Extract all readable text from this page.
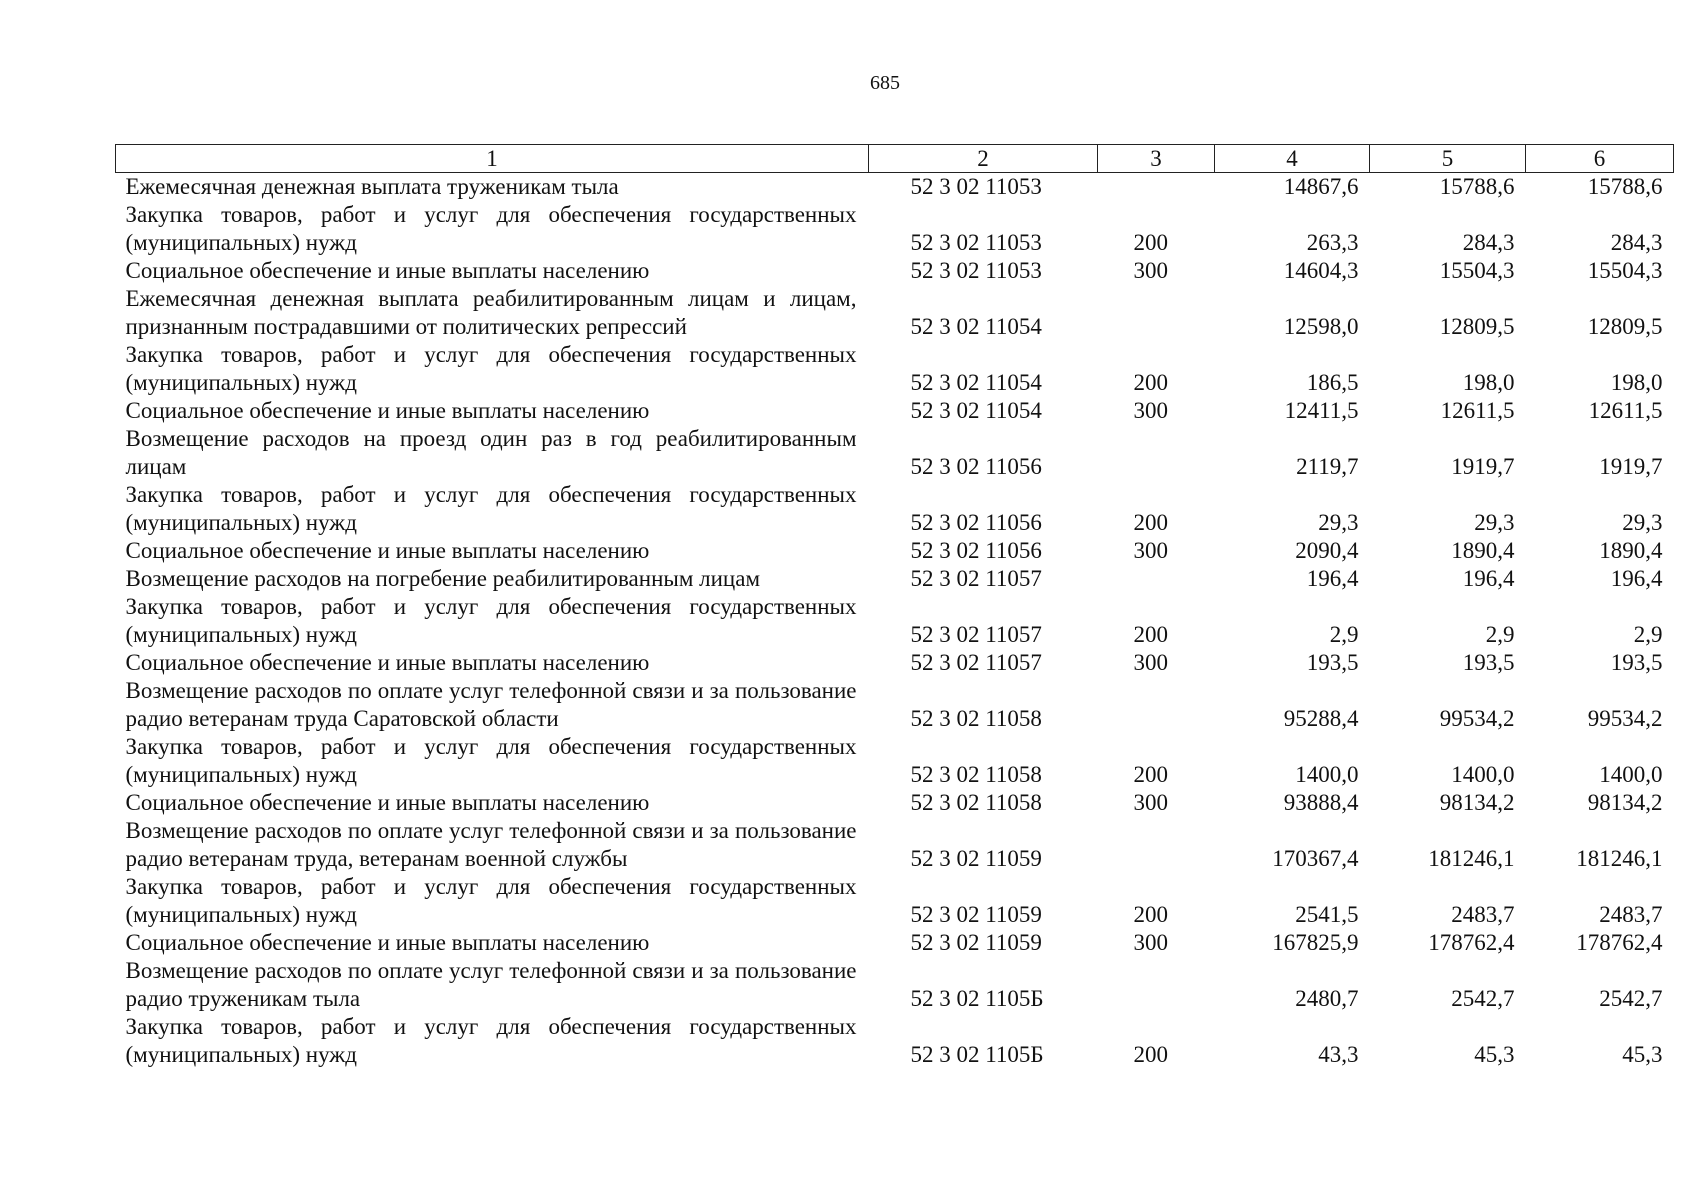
685
1	2	3	4	5	6
Ежемесячная денежная выплата труженикам тыла	52 3 02 11053		14867,6	15788,6	15788,6
Закупка товаров, работ и услуг для обеспечения государственных (муниципальных) нужд	52 3 02 11053	200	263,3	284,3	284,3
Социальное обеспечение и иные выплаты населению	52 3 02 11053	300	14604,3	15504,3	15504,3
Ежемесячная денежная выплата реабилитированным лицам и лицам, признанным пострадавшими от политических репрессий	52 3 02 11054		12598,0	12809,5	12809,5
Закупка товаров, работ и услуг для обеспечения государственных (муниципальных) нужд	52 3 02 11054	200	186,5	198,0	198,0
Социальное обеспечение и иные выплаты населению	52 3 02 11054	300	12411,5	12611,5	12611,5
Возмещение расходов на проезд один раз в год реабилитированным лицам	52 3 02 11056		2119,7	1919,7	1919,7
Закупка товаров, работ и услуг для обеспечения государственных (муниципальных) нужд	52 3 02 11056	200	29,3	29,3	29,3
Социальное обеспечение и иные выплаты населению	52 3 02 11056	300	2090,4	1890,4	1890,4
Возмещение расходов на погребение реабилитированным лицам	52 3 02 11057		196,4	196,4	196,4
Закупка товаров, работ и услуг для обеспечения государственных (муниципальных) нужд	52 3 02 11057	200	2,9	2,9	2,9
Социальное обеспечение и иные выплаты населению	52 3 02 11057	300	193,5	193,5	193,5
Возмещение расходов по оплате услуг телефонной связи и за пользование радио ветеранам труда Саратовской области	52 3 02 11058		95288,4	99534,2	99534,2
Закупка товаров, работ и услуг для обеспечения государственных (муниципальных) нужд	52 3 02 11058	200	1400,0	1400,0	1400,0
Социальное обеспечение и иные выплаты населению	52 3 02 11058	300	93888,4	98134,2	98134,2
Возмещение расходов по оплате услуг телефонной связи и за пользование радио ветеранам труда, ветеранам военной службы	52 3 02 11059		170367,4	181246,1	181246,1
Закупка товаров, работ и услуг для обеспечения государственных (муниципальных) нужд	52 3 02 11059	200	2541,5	2483,7	2483,7
Социальное обеспечение и иные выплаты населению	52 3 02 11059	300	167825,9	178762,4	178762,4
Возмещение расходов по оплате услуг телефонной связи и за пользование радио труженикам тыла	52 3 02 1105Б		2480,7	2542,7	2542,7
Закупка товаров, работ и услуг для обеспечения государственных (муниципальных) нужд	52 3 02 1105Б	200	43,3	45,3	45,3
